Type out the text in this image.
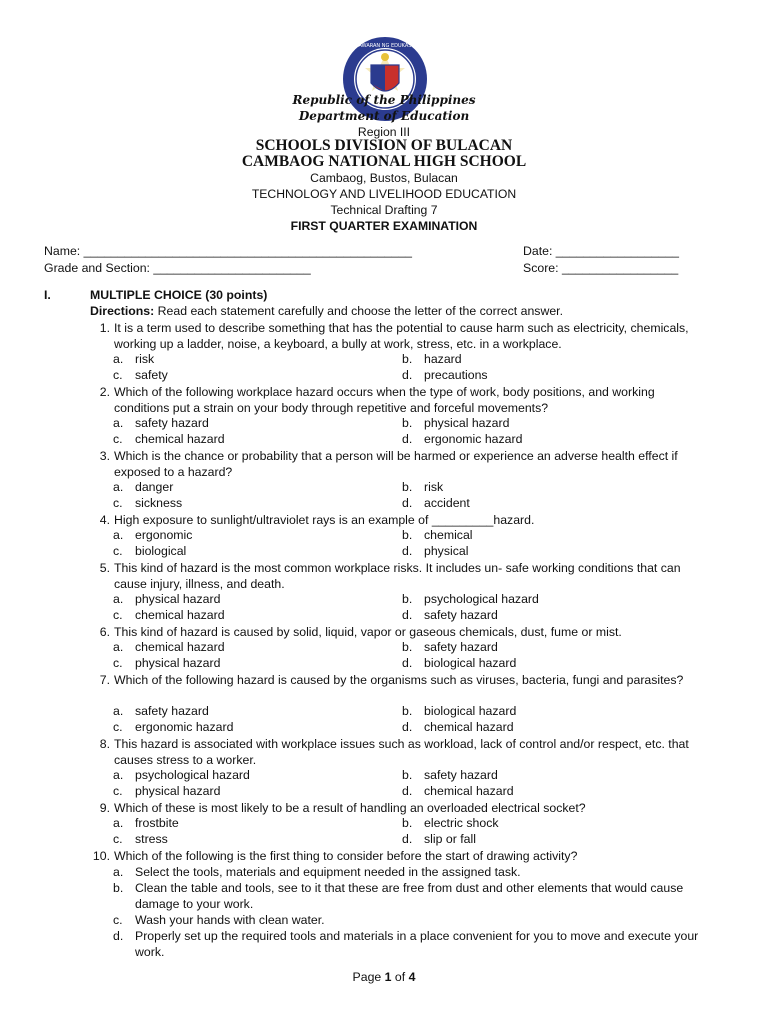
KAGAWARAN NG EDUKASYON
Republic of the Philippines
Department of Education
Region III
SCHOOLS DIVISION OF BULACAN
CAMBAOG NATIONAL HIGH SCHOOL
Cambaog, Bustos, Bulacan
TECHNOLOGY AND LIVELIHOOD EDUCATION
Technical Drafting 7
FIRST QUARTER EXAMINATION
Name: ________________________________________________	Date: __________________
Grade and Section: _______________________	Score: _________________
I.	MULTIPLE CHOICE (30 points)
Directions: Read each statement carefully and choose the letter of the correct answer.
1. It is a term used to describe something that has the potential to cause harm such as electricity, chemicals, working up a ladder, noise, a keyboard, a bully at work, stress, etc. in a workplace.
a. risk	b. hazard
c. safety	d. precautions
2. Which of the following workplace hazard occurs when the type of work, body positions, and working conditions put a strain on your body through repetitive and forceful movements?
a. safety hazard	b. physical hazard
c. chemical hazard	d. ergonomic hazard
3. Which is the chance or probability that a person will be harmed or experience an adverse health effect if exposed to a hazard?
a. danger	b. risk
c. sickness	d. accident
4. High exposure to sunlight/ultraviolet rays is an example of _________hazard.
a. ergonomic	b. chemical
c. biological	d. physical
5. This kind of hazard is the most common workplace risks. It includes un- safe working conditions that can cause injury, illness, and death.
a. physical hazard	b. psychological hazard
c. chemical hazard	d. safety hazard
6. This kind of hazard is caused by solid, liquid, vapor or gaseous chemicals, dust, fume or mist.
a. chemical hazard	b. safety hazard
c. physical hazard	d. biological hazard
7. Which of the following hazard is caused by the organisms such as viruses, bacteria, fungi and parasites?
a. safety hazard	b. biological hazard
c. ergonomic hazard	d. chemical hazard
8. This hazard is associated with workplace issues such as workload, lack of control and/or respect, etc. that causes stress to a worker.
a. psychological hazard	b. safety hazard
c. physical hazard	d. chemical hazard
9. Which of these is most likely to be a result of handling an overloaded electrical socket?
a. frostbite	b. electric shock
c. stress	d. slip or fall
10. Which of the following is the first thing to consider before the start of drawing activity?
a. Select the tools, materials and equipment needed in the assigned task.
b. Clean the table and tools, see to it that these are free from dust and other elements that would cause damage to your work.
c.	Wash your hands with clean water.
d. Properly set up the required tools and materials in a place convenient for you to move and execute your work.
Page 1 of 4
